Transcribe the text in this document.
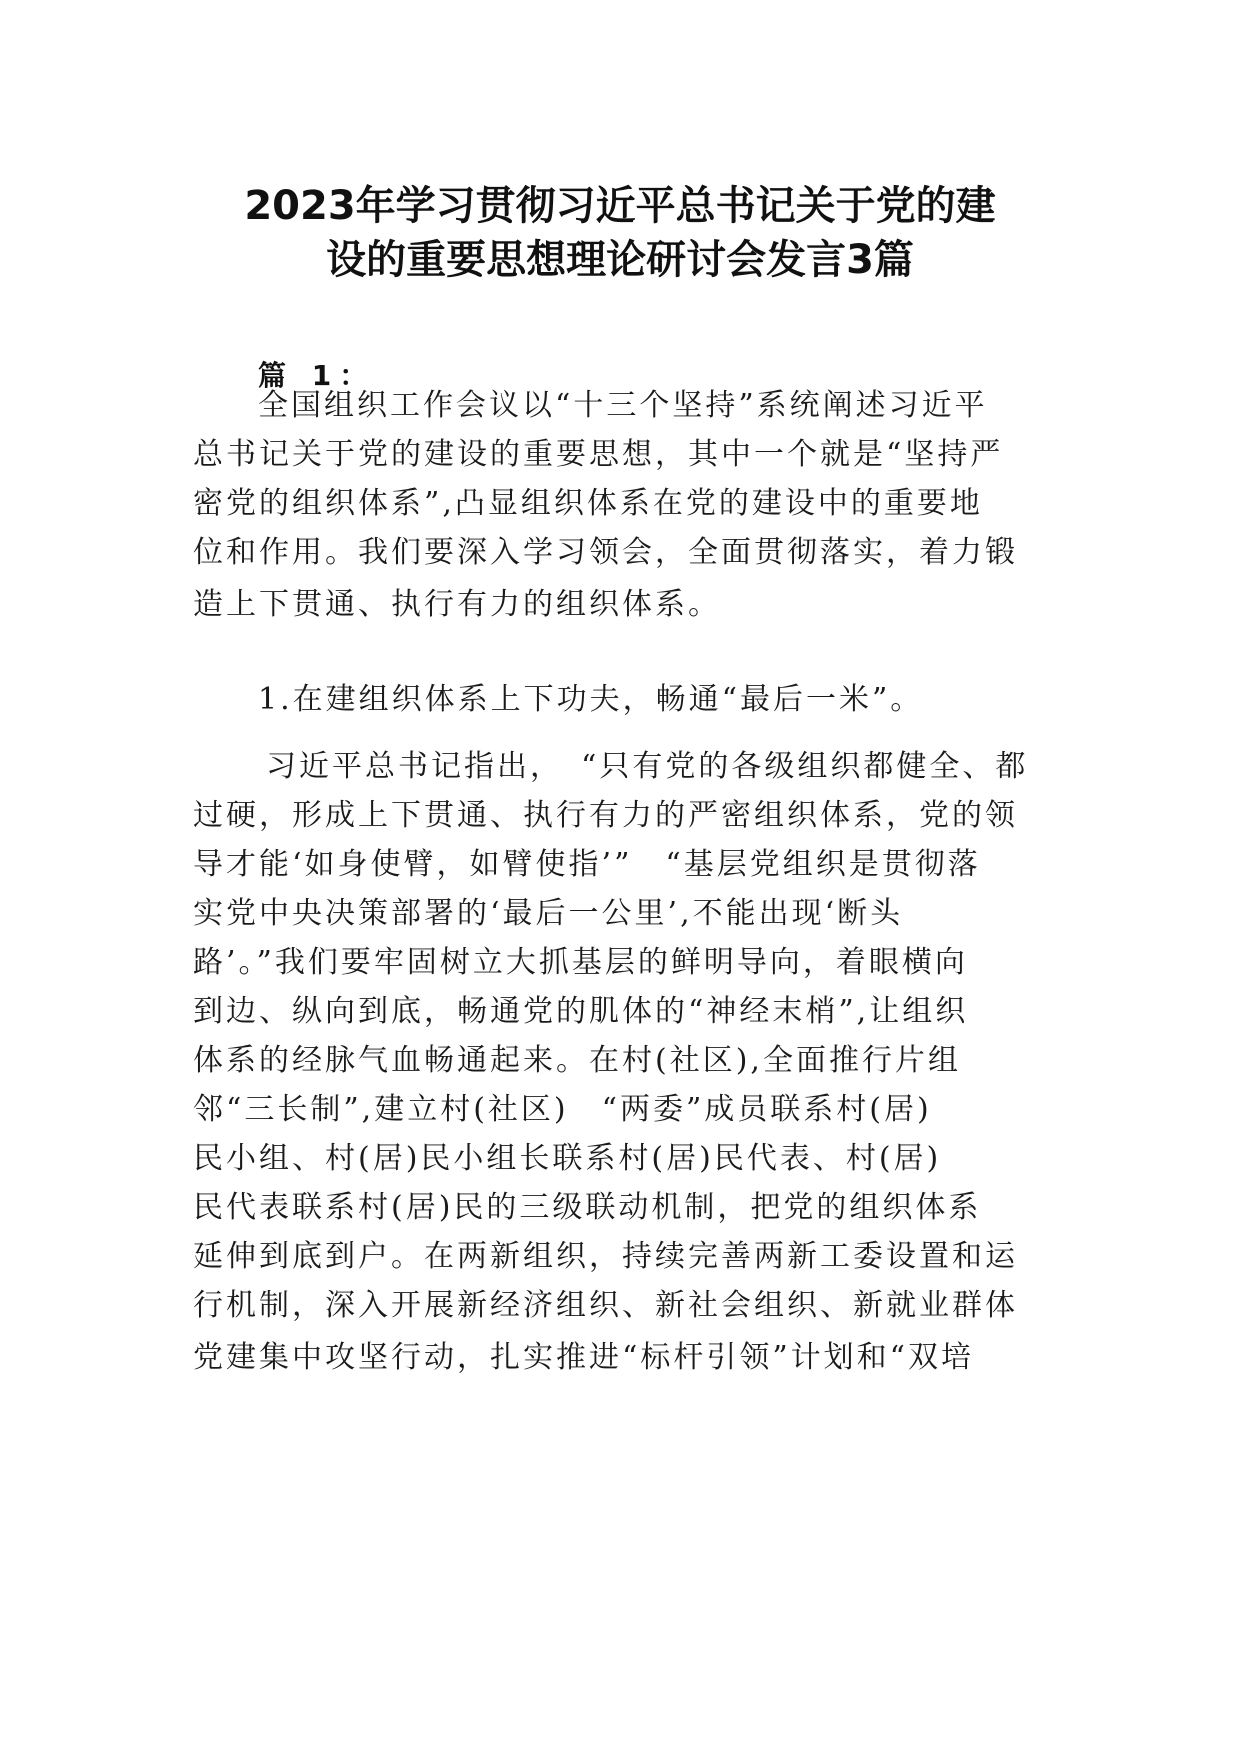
2023年学习贯彻习近平总书记关于党的建
设的重要思想理论研讨会发言3篇
篇 1：
全国组织工作会议以“十三个坚持”系统阐述习近平
总书记关于党的建设的重要思想，其中一个就是“坚持严
密党的组织体系”,凸显组织体系在党的建设中的重要地
位和作用。我们要深入学习领会，全面贯彻落实，着力锻
造上下贯通、执行有力的组织体系。
1.在建组织体系上下功夫，畅通“最后一米”。
习近平总书记指出，　“只有党的各级组织都健全、都
过硬，形成上下贯通、执行有力的严密组织体系，党的领
导才能‘如身使臂，如臂使指’”　“基层党组织是贯彻落
实党中央决策部署的‘最后一公里’,不能出现‘断头
路’。”我们要牢固树立大抓基层的鲜明导向，着眼横向
到边、纵向到底，畅通党的肌体的“神经末梢”,让组织
体系的经脉气血畅通起来。在村(社区),全面推行片组
邻“三长制”,建立村(社区)　“两委”成员联系村(居)
民小组、村(居)民小组长联系村(居)民代表、村(居)
民代表联系村(居)民的三级联动机制，把党的组织体系
延伸到底到户。在两新组织，持续完善两新工委设置和运
行机制，深入开展新经济组织、新社会组织、新就业群体
党建集中攻坚行动，扎实推进“标杆引领”计划和“双培
